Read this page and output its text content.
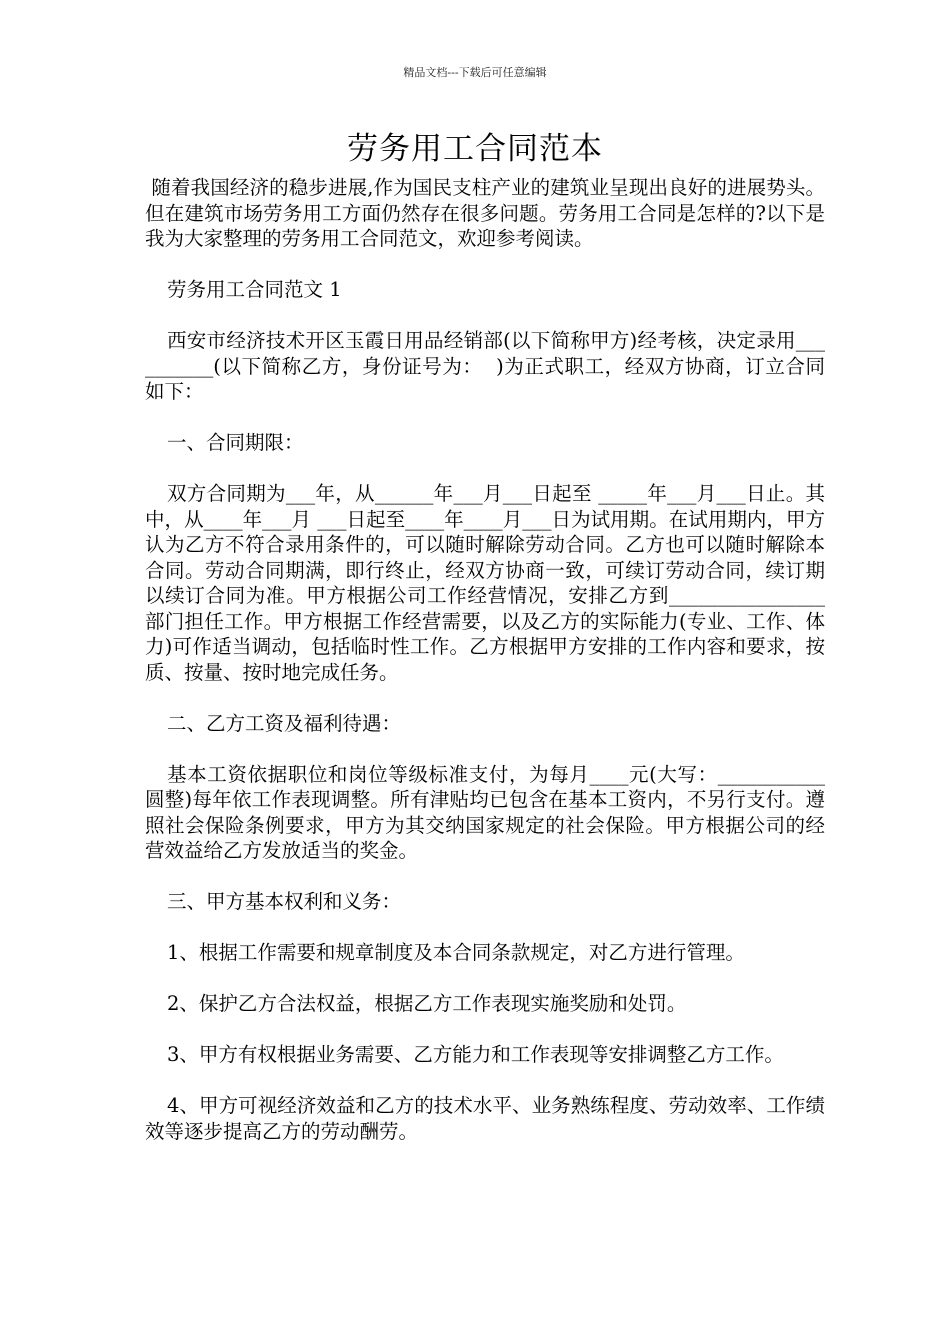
精品文档---下载后可任意编辑
劳务用工合同范本

随着我国经济的稳步进展,作为国民支柱产业的建筑业呈现出良好的进展势头。但在建筑市场劳务用工方面仍然存在很多问题。劳务用工合同是怎样的?以下是我为大家整理的劳务用工合同范文，欢迎参考阅读。

劳务用工合同范文 1

西安市经济技术开区玉霞日用品经销部(以下简称甲方)经考核，决定录用__________(以下简称乙方，身份证号为：  )为正式职工，经双方协商，订立合同如下：

一、合同期限：

双方合同期为___年，从______年___月___日起至 _____年___月___日止。其中，从____年___月 ___日起至____年____月___日为试用期。在试用期内，甲方认为乙方不符合录用条件的，可以随时解除劳动合同。乙方也可以随时解除本合同。劳动合同期满，即行终止，经双方协商一致，可续订劳动合同，续订期以续订合同为准。甲方根据公司工作经营情况，安排乙方到________________部门担任工作。甲方根据工作经营需要，以及乙方的实际能力(专业、工作、体力)可作适当调动，包括临时性工作。乙方根据甲方安排的工作内容和要求，按质、按量、按时地完成任务。

二、乙方工资及福利待遇：

基本工资依据职位和岗位等级标准支付，为每月____元(大写：___________圆整)每年依工作表现调整。所有津贴均已包含在基本工资内，不另行支付。遵照社会保险条例要求，甲方为其交纳国家规定的社会保险。甲方根据公司的经营效益给乙方发放适当的奖金。

三、甲方基本权利和义务：

1、根据工作需要和规章制度及本合同条款规定，对乙方进行管理。

2、保护乙方合法权益，根据乙方工作表现实施奖励和处罚。

3、甲方有权根据业务需要、乙方能力和工作表现等安排调整乙方工作。

4、甲方可视经济效益和乙方的技术水平、业务熟练程度、劳动效率、工作绩效等逐步提高乙方的劳动酬劳。
